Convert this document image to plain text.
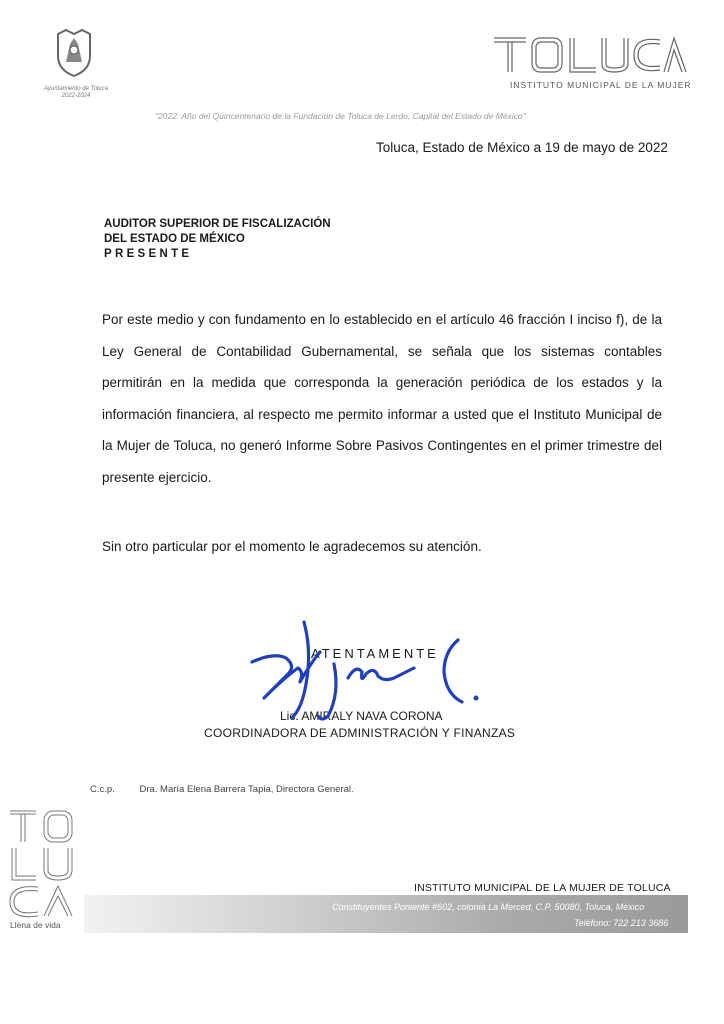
Ayuntamiento de Toluca
2022-2024
INSTITUTO MUNICIPAL DE LA MUJER
"2022. Año del Quincentenario de la Fundación de Toluca de Lerdo, Capital del Estado de México"
Toluca, Estado de México a 19 de mayo de 2022
AUDITOR SUPERIOR DE FISCALIZACIÓN
DEL ESTADO DE MÉXICO
PRESENTE
Por este medio y con fundamento en lo establecido en el artículo 46 fracción I inciso f), de la Ley General de Contabilidad Gubernamental, se señala que los sistemas contables permitirán en la medida que corresponda la generación periódica de los estados y la información financiera, al respecto me permito informar a usted que el Instituto Municipal de la Mujer de Toluca, no generó Informe Sobre Pasivos Contingentes en el primer trimestre del presente ejercicio.
Sin otro particular por el momento le agradecemos su atención.
ATENTAMENTE
Lic. AMIRALY NAVA CORONA
COORDINADORA DE ADMINISTRACIÓN Y FINANZAS
C.c.p.	Dra. María Elena Barrera Tapia, Directora General.
Llena de vida
INSTITUTO MUNICIPAL DE LA MUJER DE TOLUCA
Constituyentes Poniente #602, colonia La Merced, C.P. 50080, Toluca, México
Teléfono: 722 213 3686
